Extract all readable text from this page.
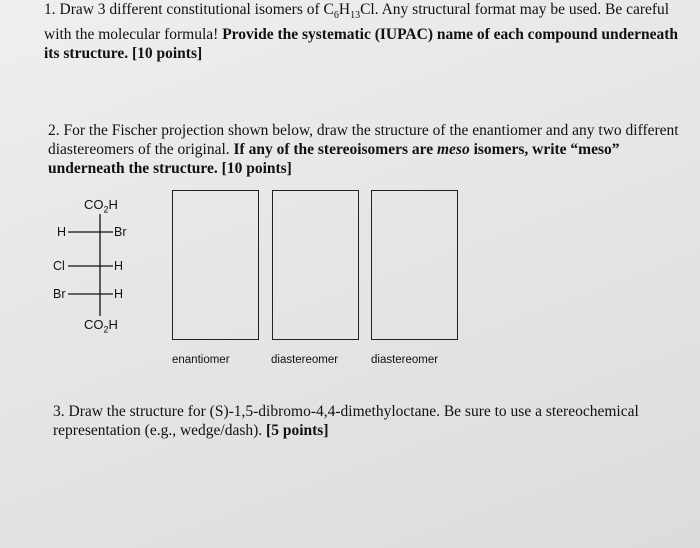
1. Draw 3 different constitutional isomers of $C_6H_{13}Cl$. Any structural format may be used. Be careful with the molecular formula! Provide the systematic (IUPAC) name of each compound underneath its structure. [10 points]
2. For the Fischer projection shown below, draw the structure of the enantiomer and any two different diastereomers of the original. If any of the stereoisomers are meso isomers, write “meso” underneath the structure. [10 points]
$CO_2H$
H	Br
Cl	H
Br	H
$CO_2H$
enantiomer	diastereomer	diastereomer
3. Draw the structure for (S)-1,5-dibromo-4,4-dimethyloctane. Be sure to use a stereochemical representation (e.g., wedge/dash). [5 points]
